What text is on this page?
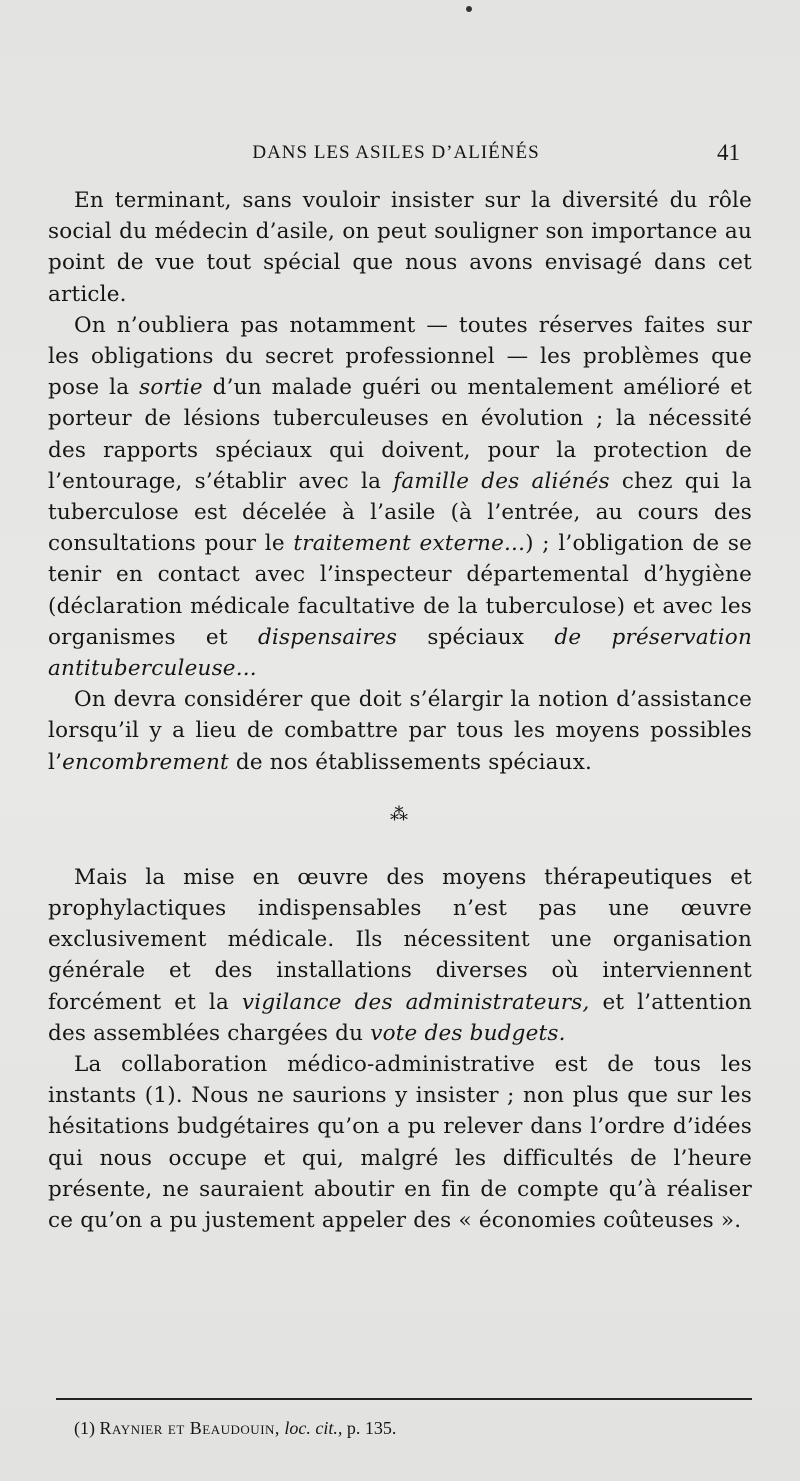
DANS LES ASILES D’ALIÉNÉS	41

En terminant, sans vouloir insister sur la diversité du rôle social du médecin d’asile, on peut souligner son importance au point de vue tout spécial que nous avons envisagé dans cet article.

On n’oubliera pas notamment — toutes réserves faites sur les obligations du secret professionnel — les problèmes que pose la sortie d’un malade guéri ou mentalement amélioré et porteur de lésions tuberculeuses en évolution ; la nécessité des rapports spéciaux qui doivent, pour la protection de l’entourage, s’établir avec la famille des aliénés chez qui la tuberculose est décelée à l’asile (à l’entrée, au cours des consultations pour le traitement externe...) ; l’obligation de se tenir en contact avec l’inspecteur départemental d’hygiène (déclaration médicale facultative de la tuberculose) et avec les organismes et dispensaires spéciaux de préservation antituberculeuse...

On devra considérer que doit s’élargir la notion d’assistance lorsqu’il y a lieu de combattre par tous les moyens possibles l’encombrement de nos établissements spéciaux.

⁂

Mais la mise en œuvre des moyens thérapeutiques et prophylactiques indispensables n’est pas une œuvre exclusivement médicale. Ils nécessitent une organisation générale et des installations diverses où interviennent forcément et la vigilance des administrateurs, et l’attention des assemblées chargées du vote des budgets.

La collaboration médico-administrative est de tous les instants (1). Nous ne saurions y insister ; non plus que sur les hésitations budgétaires qu’on a pu relever dans l’ordre d’idées qui nous occupe et qui, malgré les difficultés de l’heure présente, ne sauraient aboutir en fin de compte qu’à réaliser ce qu’on a pu justement appeler des « économies coûteuses ».

(1) Raynier et Beaudouin, loc. cit., p. 135.
